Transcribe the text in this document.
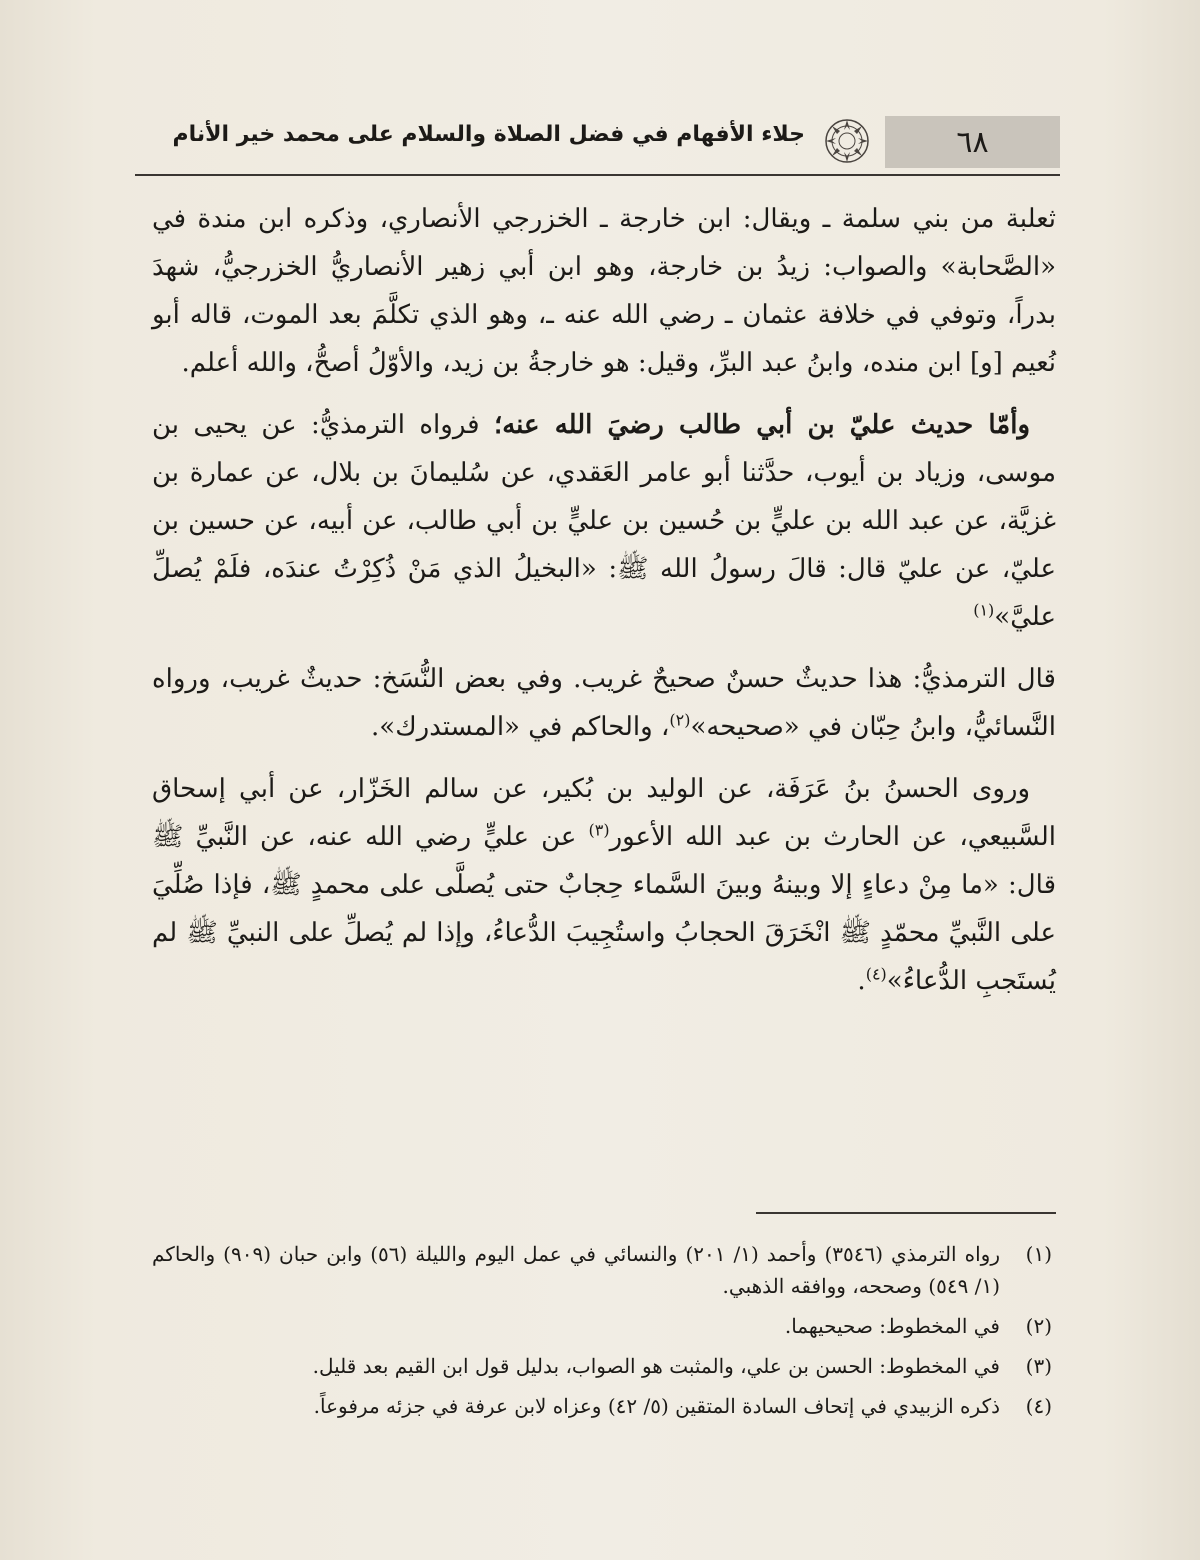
٦٨
جلاء الأفهام في فضل الصلاة والسلام على محمد خير الأنام

ثعلبة من بني سلمة ـ ويقال: ابن خارجة ـ الخزرجي الأنصاري، وذكره ابن مندة في «الصَّحابة» والصواب: زيدُ بن خارجة، وهو ابن أبي زهير الأنصاريُّ الخزرجيُّ، شهدَ بدراً، وتوفي في خلافة عثمان ـ رضي الله عنه ـ، وهو الذي تكلَّمَ بعد الموت، قاله أبو نُعيم [و] ابن منده، وابنُ عبد البرِّ، وقيل: هو خارجةُ بن زيد، والأوّلُ أصحُّ، والله أعلم.

وأمّا حديث عليّ بن أبي طالب رضيَ الله عنه؛ فرواه الترمذيُّ: عن يحيى بن موسى، وزياد بن أيوب، حدَّثنا أبو عامر العَقدي، عن سُليمانَ بن بلال، عن عمارة بن غزيَّة، عن عبد الله بن عليٍّ بن حُسين بن عليٍّ بن أبي طالب، عن أبيه، عن حسين بن عليّ، عن عليّ قال: قالَ رسولُ الله ﷺ: «البخيلُ الذي مَنْ ذُكِرْتُ عندَه، فلَمْ يُصلِّ عليَّ»$^{(١)}$

قال الترمذيُّ: هذا حديثٌ حسنٌ صحيحٌ غريب. وفي بعض النُّسَخ: حديثٌ غريب، ورواه النَّسائيُّ، وابنُ حِبّان في «صحيحه»$^{(٢)}$، والحاكم في «المستدرك».

وروى الحسنُ بنُ عَرَفَة، عن الوليد بن بُكير، عن سالم الخَزّار، عن أبي إسحاق السَّبيعي، عن الحارث بن عبد الله الأعور$^{(٣)}$ عن عليٍّ رضي الله عنه، عن النَّبيِّ ﷺ قال: «ما مِنْ دعاءٍ إلا وبينهُ وبينَ السَّماء حِجابٌ حتى يُصلَّى على محمدٍ ﷺ، فإذا صُلِّيَ على النَّبيِّ محمّدٍ ﷺ انْخَرَقَ الحجابُ واستُجِيبَ الدُّعاءُ، وإذا لم يُصلِّ على النبيِّ ﷺ لم يُستَجبِ الدُّعاءُ»$^{(٤)}$.

(١)
رواه الترمذي (٣٥٤٦) وأحمد (١/ ٢٠١) والنسائي في عمل اليوم والليلة (٥٦) وابن حبان (٩٠٩) والحاكم (١/ ٥٤٩) وصححه، ووافقه الذهبي.
(٢)
في المخطوط: صحيحيهما.
(٣)
في المخطوط: الحسن بن علي، والمثبت هو الصواب، بدليل قول ابن القيم بعد قليل.
(٤)
ذكره الزبيدي في إتحاف السادة المتقين (٥/ ٤٢) وعزاه لابن عرفة في جزئه مرفوعاً.
